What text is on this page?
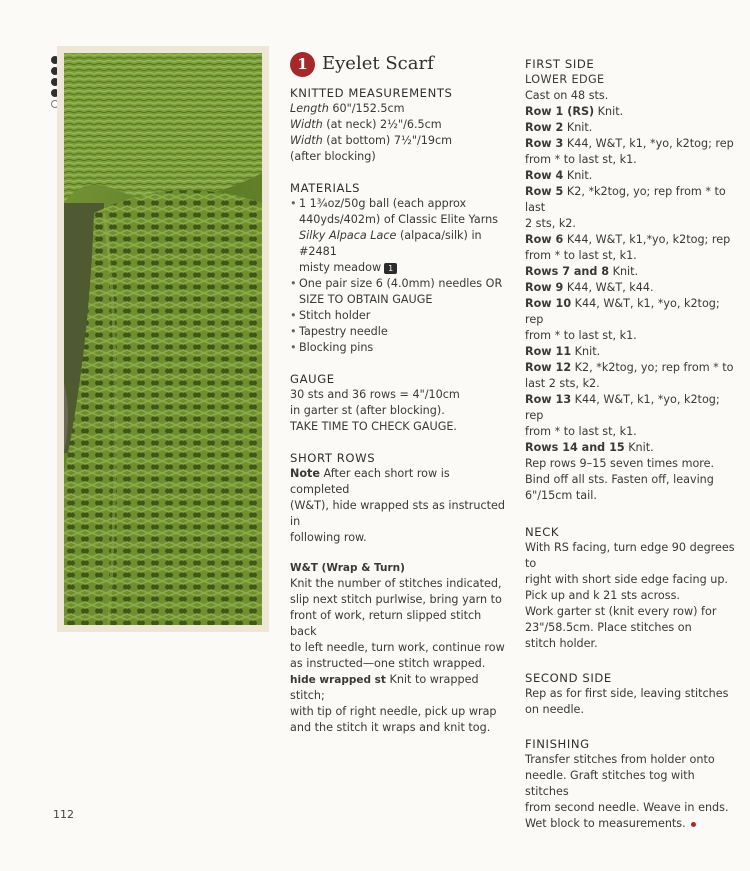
1 Eyelet Scarf
KNITTED MEASUREMENTS
Length 60"/152.5cm
Width (at neck) 2½"/6.5cm
Width (at bottom) 7½"/19cm
(after blocking)
MATERIALS
• 1 1¾oz/50g ball (each approx
440yds/402m) of Classic Elite Yarns
Silky Alpaca Lace (alpaca/silk) in #2481
misty meadow 1
• One pair size 6 (4.0mm) needles OR
SIZE TO OBTAIN GAUGE
• Stitch holder
• Tapestry needle
• Blocking pins
GAUGE
30 sts and 36 rows = 4"/10cm
in garter st (after blocking).
TAKE TIME TO CHECK GAUGE.
SHORT ROWS
Note After each short row is completed
(W&T), hide wrapped sts as instructed in
following row.
W&T (Wrap & Turn)
Knit the number of stitches indicated,
slip next stitch purlwise, bring yarn to
front of work, return slipped stitch back
to left needle, turn work, continue row
as instructed—one stitch wrapped.
hide wrapped st Knit to wrapped stitch;
with tip of right needle, pick up wrap
and the stitch it wraps and knit tog.
FIRST SIDE
LOWER EDGE
Cast on 48 sts.
Row 1 (RS) Knit.
Row 2 Knit.
Row 3 K44, W&T, k1, *yo, k2tog; rep
from * to last st, k1.
Row 4 Knit.
Row 5 K2, *k2tog, yo; rep from * to last
2 sts, k2.
Row 6 K44, W&T, k1,*yo, k2tog; rep
from * to last st, k1.
Rows 7 and 8 Knit.
Row 9 K44, W&T, k44.
Row 10 K44, W&T, k1, *yo, k2tog; rep
from * to last st, k1.
Row 11 Knit.
Row 12 K2, *k2tog, yo; rep from * to
last 2 sts, k2.
Row 13 K44, W&T, k1, *yo, k2tog; rep
from * to last st, k1.
Rows 14 and 15 Knit.
Rep rows 9–15 seven times more.
Bind off all sts. Fasten off, leaving
6"/15cm tail.
NECK
With RS facing, turn edge 90 degrees to
right with short side edge facing up.
Pick up and k 21 sts across.
Work garter st (knit every row) for
23"/58.5cm. Place stitches on
stitch holder.
SECOND SIDE
Rep as for first side, leaving stitches
on needle.
FINISHING
Transfer stitches from holder onto
needle. Graft stitches tog with stitches
from second needle. Weave in ends.
Wet block to measurements.
112
